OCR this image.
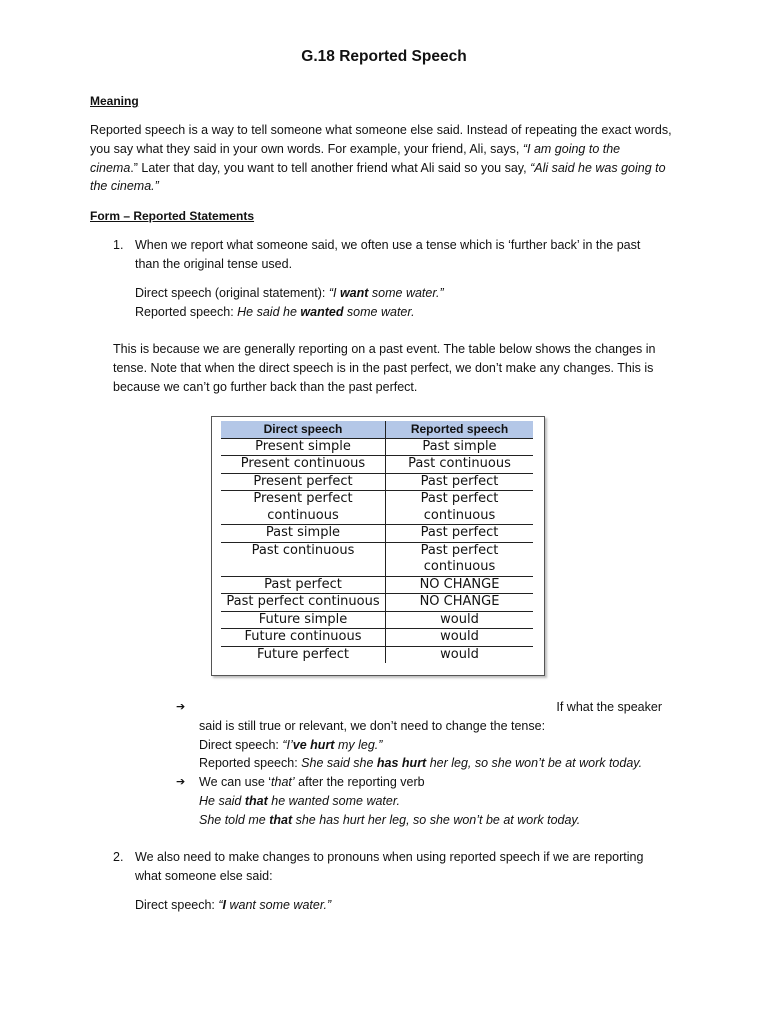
G.18 Reported Speech
Meaning
Reported speech is a way to tell someone what someone else said. Instead of repeating the exact words,
you say what they said in your own words. For example, your friend, Ali, says, “I am going to the
cinema.” Later that day, you want to tell another friend what Ali said so you say, “Ali said he was going to
the cinema.”
Form – Reported Statements
1. When we report what someone said, we often use a tense which is ‘further back’ in the past
than the original tense used.
Direct speech (original statement): “I want some water.”
Reported speech: He said he wanted some water.
This is because we are generally reporting on a past event. The table below shows the changes in
tense. Note that when the direct speech is in the past perfect, we don’t make any changes. This is
because we can’t go further back than the past perfect.
Direct speech	Reported speech
Present simple	Past simple
Present continuous	Past continuous
Present perfect	Past perfect
Present perfect continuous	Past perfect continuous
Past simple	Past perfect
Past continuous	Past perfect continuous
Past perfect	NO CHANGE
Past perfect continuous	NO CHANGE
Future simple	would
Future continuous	would
Future perfect	would
➔	If what the speaker
said is still true or relevant, we don’t need to change the tense:
Direct speech: “I’ve hurt my leg.”
Reported speech: She said she has hurt her leg, so she won’t be at work today.
➔ We can use ‘that’ after the reporting verb
He said that he wanted some water.
She told me that she has hurt her leg, so she won’t be at work today.
2. We also need to make changes to pronouns when using reported speech if we are reporting
what someone else said:
Direct speech: “I want some water.”
